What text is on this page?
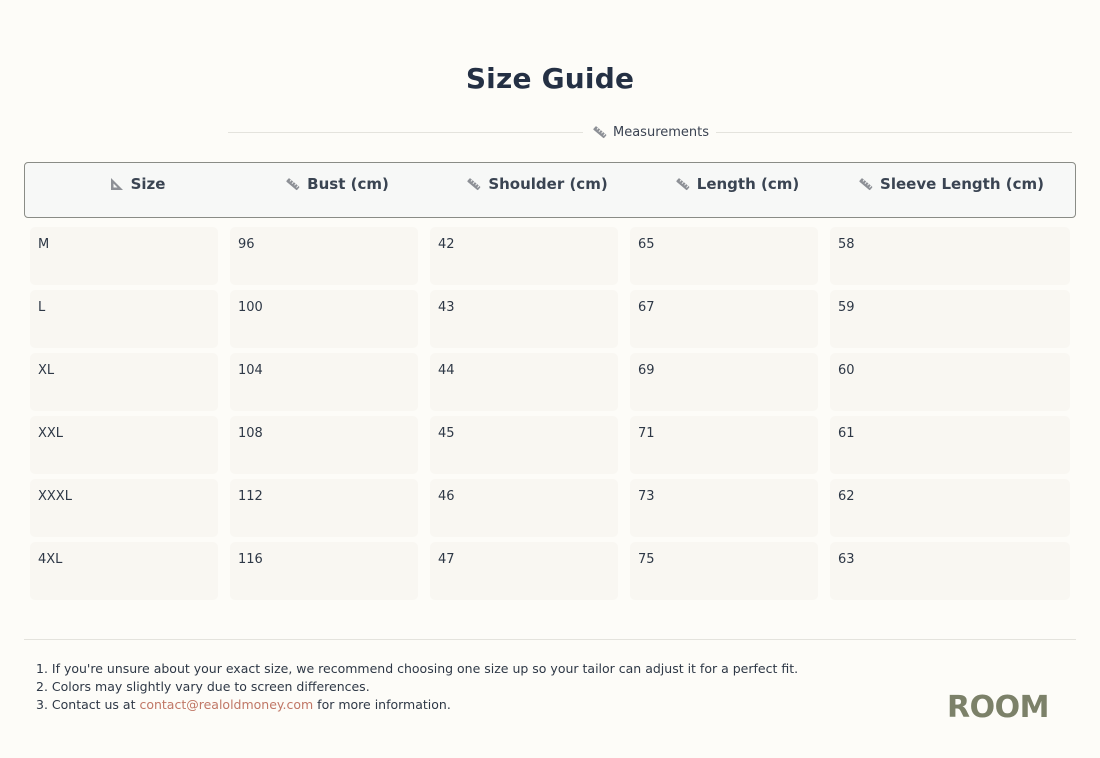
Size Guide
Measurements
Size	Bust (cm)	Shoulder (cm)	Length (cm)	Sleeve Length (cm)
M	96	42	65	58
L	100	43	67	59
XL	104	44	69	60
XXL	108	45	71	61
XXXL	112	46	73	62
4XL	116	47	75	63
1. If you're unsure about your exact size, we recommend choosing one size up so your tailor can adjust it for a perfect fit.
2. Colors may slightly vary due to screen differences.
3. Contact us at contact@realoldmoney.com for more information.	ROOM
